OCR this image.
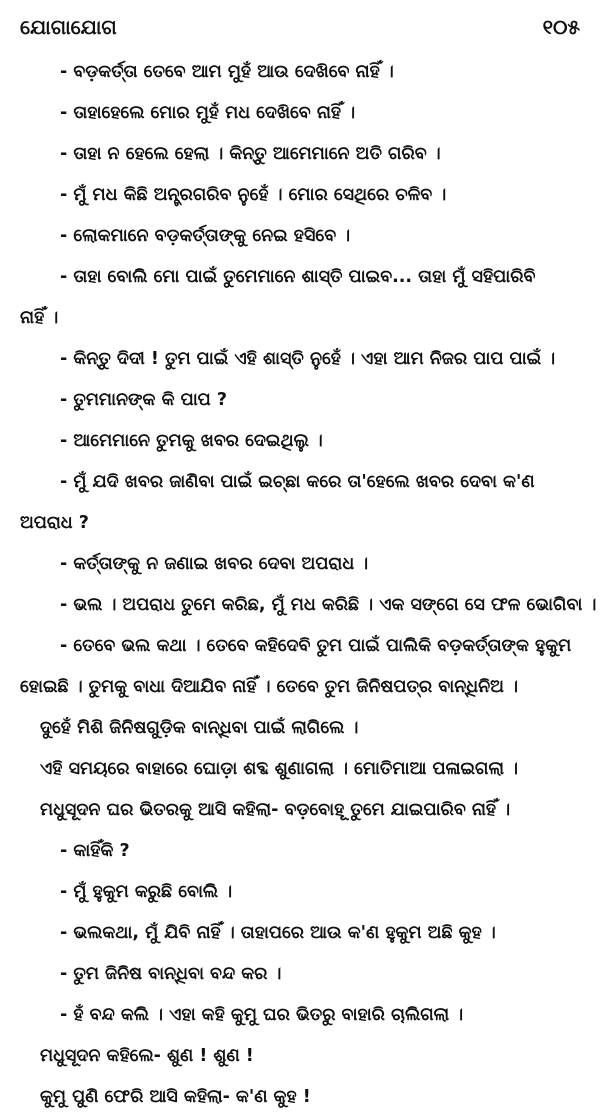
ଯୋଗାଯୋଗ	୧୦୫
- ବଡ଼କର୍ତ୍ତା ତେବେ ଆମ ମୁହଁ ଆଉ ଦେଖିବେ ନାହିଁ ।
- ତାହାହେଲେ ମୋର ମୁହଁ ମଧ ଦେଖିବେ ନାହିଁ ।
- ତାହା ନ ହେଲେ ହେଲା । କିନ୍ତୁ ଆମେମାନେ ଅତି ଗରିବ ।
- ମୁଁ ମଧ କିଛି ଅନ୍ତ୍ରଗରିବ ନୁହେଁ । ମୋର ସେଥିରେ ଚଳିବ ।
- ଲୋକମାନେ ବଡ଼କର୍ତ୍ତାଙ୍କୁ ନେଇ ହସିବେ ।
- ତାହା ବୋଲି ମୋ ପାଇଁ ତୁମେମାନେ ଶାସ୍ତି ପାଇବ... ତାହା ମୁଁ ସହିପାରିବି
ନାହିଁ ।
- କିନ୍ତୁ ଦିଦୀ ! ତୁମ ପାଇଁ ଏହି ଶାସ୍ତି ନୁହେଁ । ଏହା ଆମ ନିଜର ପାପ ପାଇଁ ।
- ତୁମମାନଙ୍କ କି ପାପ ?
- ଆମେମାନେ ତୁମକୁ ଖବର ଦେଇଥିଲୁ ।
- ମୁଁ ଯଦି ଖବର ଜାଣିବା ପାଇଁ ଇଚ୍ଛା କରେ ତା'ହେଲେ ଖବର ଦେବା କ'ଣ
ଅପରାଧ ?
- କର୍ତ୍ତାଙ୍କୁ ନ ଜଣାଇ ଖବର ଦେବା ଅପରାଧ ।
- ଭଲ । ଅପରାଧ ତୁମେ କରିଛ, ମୁଁ ମଧ କରିଛି । ଏକ ସଙ୍ଗେ ସେ ଫଳ ଭୋଗିବା ।
- ତେବେ ଭଲ କଥା । ତେବେ କହିଦେବି ତୁମ ପାଇଁ ପାଲିକି ବଡ଼କର୍ତ୍ତାଙ୍କ ହୁକୁମ
ହୋଇଛି । ତୁମକୁ ବାଧା ଦିଆଯିବ ନାହିଁ । ତେବେ ତୁମ ଜିନିଷପତ୍ର ବାନ୍ଧିନିଅ ।
ଦୁହେଁ ମିଶି ଜିନିଷଗୁଡ଼ିକ ବାନ୍ଧିବା ପାଇଁ ଲାଗିଲେ ।
ଏହି ସମୟରେ ବାହାରେ ଘୋଡ଼ା ଶବ୍ଦ ଶୁଣାଗଲା । ମୋତିମାଆ ପଳାଇଗଲା ।
ମଧୁସୂଦନ ଘର ଭିତରକୁ ଆସି କହିଲା- ବଡ଼ବୋହୂ ତୁମେ ଯାଇପାରିବ ନାହିଁ ।
- କାହିଁକି ?
- ମୁଁ ହୁକୁମ କରୁଛି ବୋଲି ।
- ଭଲକଥା, ମୁଁ ଯିବି ନାହିଁ । ତାହାପରେ ଆଉ କ'ଣ ହୁକୁମ ଅଛି କୁହ ।
- ତୁମ ଜିନିଷ ବାନ୍ଧିବା ବନ୍ଦ କର ।
- ହଁ ବନ୍ଦ କଲି । ଏହା କହି କୁମୁ ଘର ଭିତରୁ ବାହାରି ଚାଲିଗଲା ।
ମଧୁସୂଦନ କହିଲେ- ଶୁଣ ! ଶୁଣ !
କୁମୁ ପୁଣି ଫେରି ଆସି କହିଲା- କ'ଣ କୁହ !
